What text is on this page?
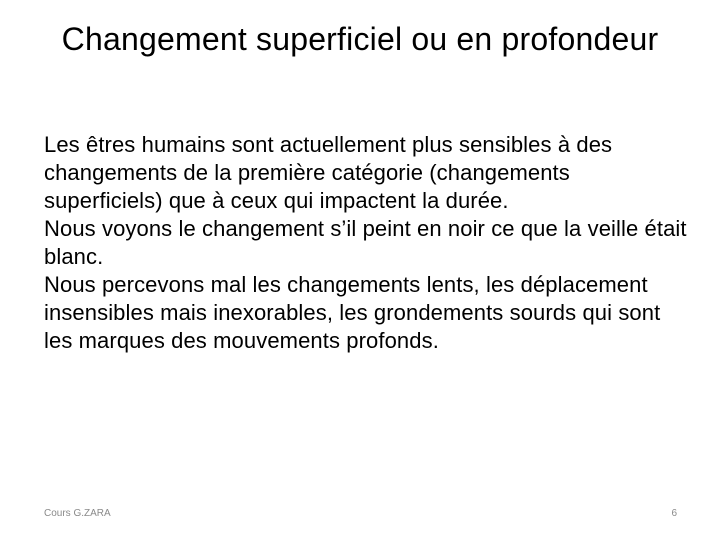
Changement superficiel ou en profondeur

Les êtres humains sont actuellement plus sensibles à des changements de la première catégorie (changements superficiels) que à ceux qui impactent la durée.

Nous voyons le changement s’il peint en noir ce que la veille était blanc.

Nous percevons mal les changements lents, les déplacement insensibles mais inexorables, les grondements sourds qui sont les marques des mouvements profonds.

Cours G.ZARA	6
